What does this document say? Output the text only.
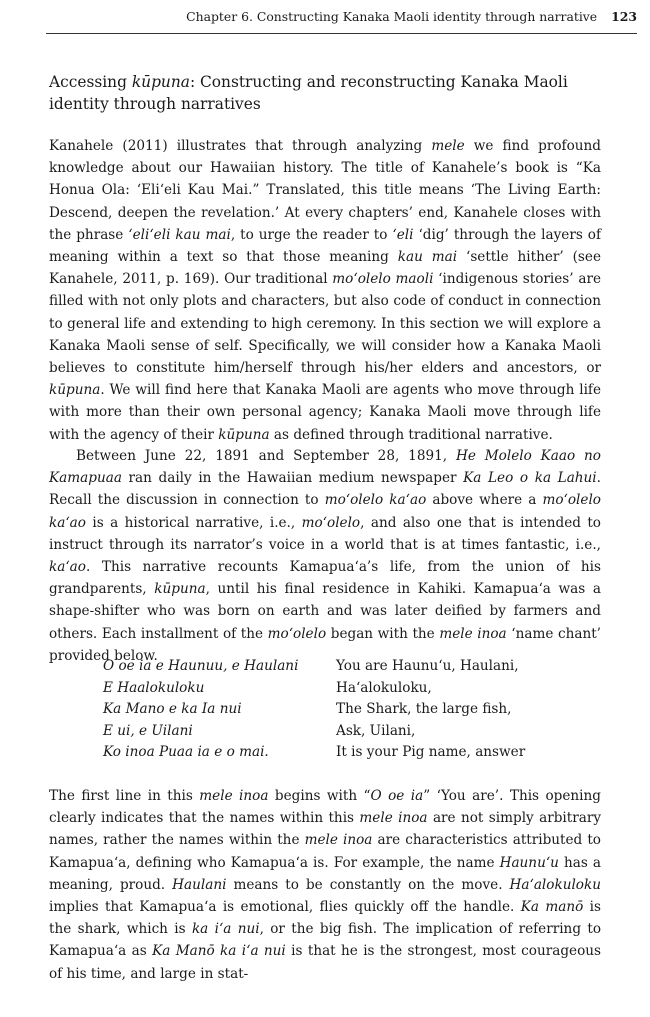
Chapter 6. Constructing Kanaka Maoli identity through narrative 123
Accessing kūpuna: Constructing and reconstructing Kanaka Maoli identity through narratives
Kanahele (2011) illustrates that through analyzing mele we find profound knowledge about our Hawaiian history. The title of Kanahele’s book is “Ka Honua Ola: ‘Eliʻeli Kau Mai.” Translated, this title means ‘The Living Earth: Descend, deepen the revelation.’ At every chapters’ end, Kanahele closes with the phrase ʻeliʻeli kau mai, to urge the reader to ʻeli ‘dig’ through the layers of meaning within a text so that those meaning kau mai ‘settle hither’ (see Kanahele, 2011, p. 169). Our traditional moʻolelo maoli ‘indigenous stories’ are filled with not only plots and characters, but also code of conduct in connection to general life and extending to high ceremony. In this section we will explore a Kanaka Maoli sense of self. Specifically, we will consider how a Kanaka Maoli believes to constitute him/herself through his/her elders and ancestors, or kūpuna. We will find here that Kanaka Maoli are agents who move through life with more than their own personal agency; Kanaka Maoli move through life with the agency of their kūpuna as defined through traditional narrative.
Between June 22, 1891 and September 28, 1891, He Molelo Kaao no Kamapuaa ran daily in the Hawaiian medium newspaper Ka Leo o ka Lahui. Recall the discussion in connection to moʻolelo kaʻao above where a moʻolelo kaʻao is a historical narrative, i.e., moʻolelo, and also one that is intended to instruct through its narrator’s voice in a world that is at times fantastic, i.e., kaʻao. This narrative recounts Kamapuaʻa’s life, from the union of his grandparents, kūpuna, until his final residence in Kahiki. Kamapuaʻa was a shape-shifter who was born on earth and was later deified by farmers and others. Each installment of the moʻolelo began with the mele inoa ‘name chant’ provided below.
O oe ia e Haunuu, e Haulani	You are Haunuʻu, Haulani,
E Haalokuloku	Haʻalokuloku,
Ka Mano e ka Ia nui	The Shark, the large fish,
E ui, e Uilani	Ask, Uilani,
Ko inoa Puaa ia e o mai.	It is your Pig name, answer
The first line in this mele inoa begins with “O oe ia” ‘You are’. This opening clearly indicates that the names within this mele inoa are not simply arbitrary names, rather the names within the mele inoa are characteristics attributed to Kamapuaʻa, defining who Kamapuaʻa is. For example, the name Haunuʻu has a meaning, proud. Haulani means to be constantly on the move. Haʻalokuloku implies that Kamapuaʻa is emotional, flies quickly off the handle. Ka manō is the shark, which is ka iʻa nui, or the big fish. The implication of referring to Kamapuaʻa as Ka Manō ka iʻa nui is that he is the strongest, most courageous of his time, and large in stat-
